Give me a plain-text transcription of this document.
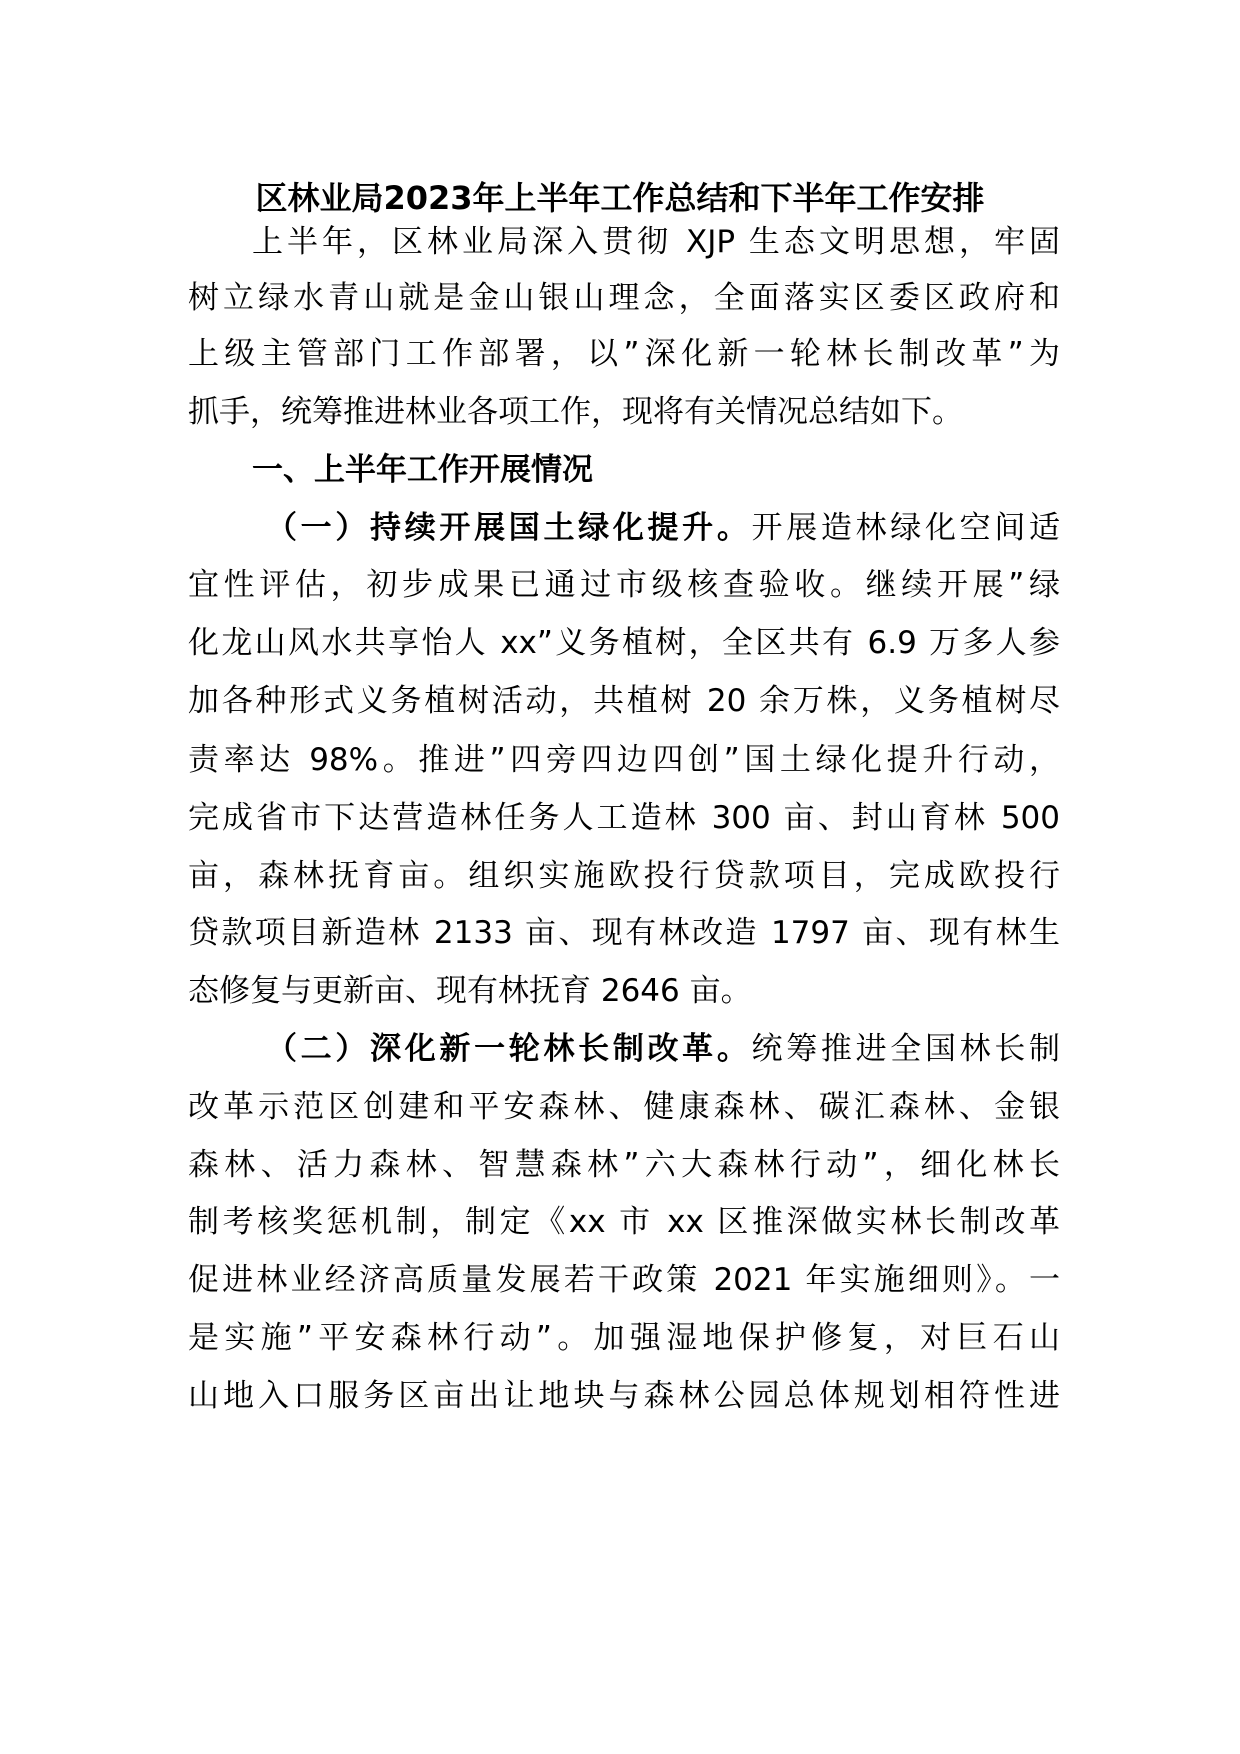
区林业局2023年上半年工作总结和下半年工作安排

上半年，区林业局深入贯彻 XJP 生态文明思想，牢固

树立绿水青山就是金山银山理念，全面落实区委区政府和

上级主管部门工作部署，以”深化新一轮林长制改革”为

抓手，统筹推进林业各项工作，现将有关情况总结如下。

一、上半年工作开展情况

（一）持续开展国土绿化提升。开展造林绿化空间适

宜性评估，初步成果已通过市级核查验收。继续开展”绿

化龙山风水共享怡人 xx”义务植树，全区共有 6.9 万多人参

加各种形式义务植树活动，共植树 20 余万株，义务植树尽

责率达 98%。推进”四旁四边四创”国土绿化提升行动，

完成省市下达营造林任务人工造林 300 亩、封山育林 500

亩，森林抚育亩。组织实施欧投行贷款项目，完成欧投行

贷款项目新造林 2133 亩、现有林改造 1797 亩、现有林生

态修复与更新亩、现有林抚育 2646 亩。

（二）深化新一轮林长制改革。统筹推进全国林长制

改革示范区创建和平安森林、健康森林、碳汇森林、金银

森林、活力森林、智慧森林”六大森林行动”，细化林长

制考核奖惩机制，制定《xx 市 xx 区推深做实林长制改革

促进林业经济高质量发展若干政策 2021 年实施细则》。一

是实施”平安森林行动”。加强湿地保护修复，对巨石山

山地入口服务区亩出让地块与森林公园总体规划相符性进
